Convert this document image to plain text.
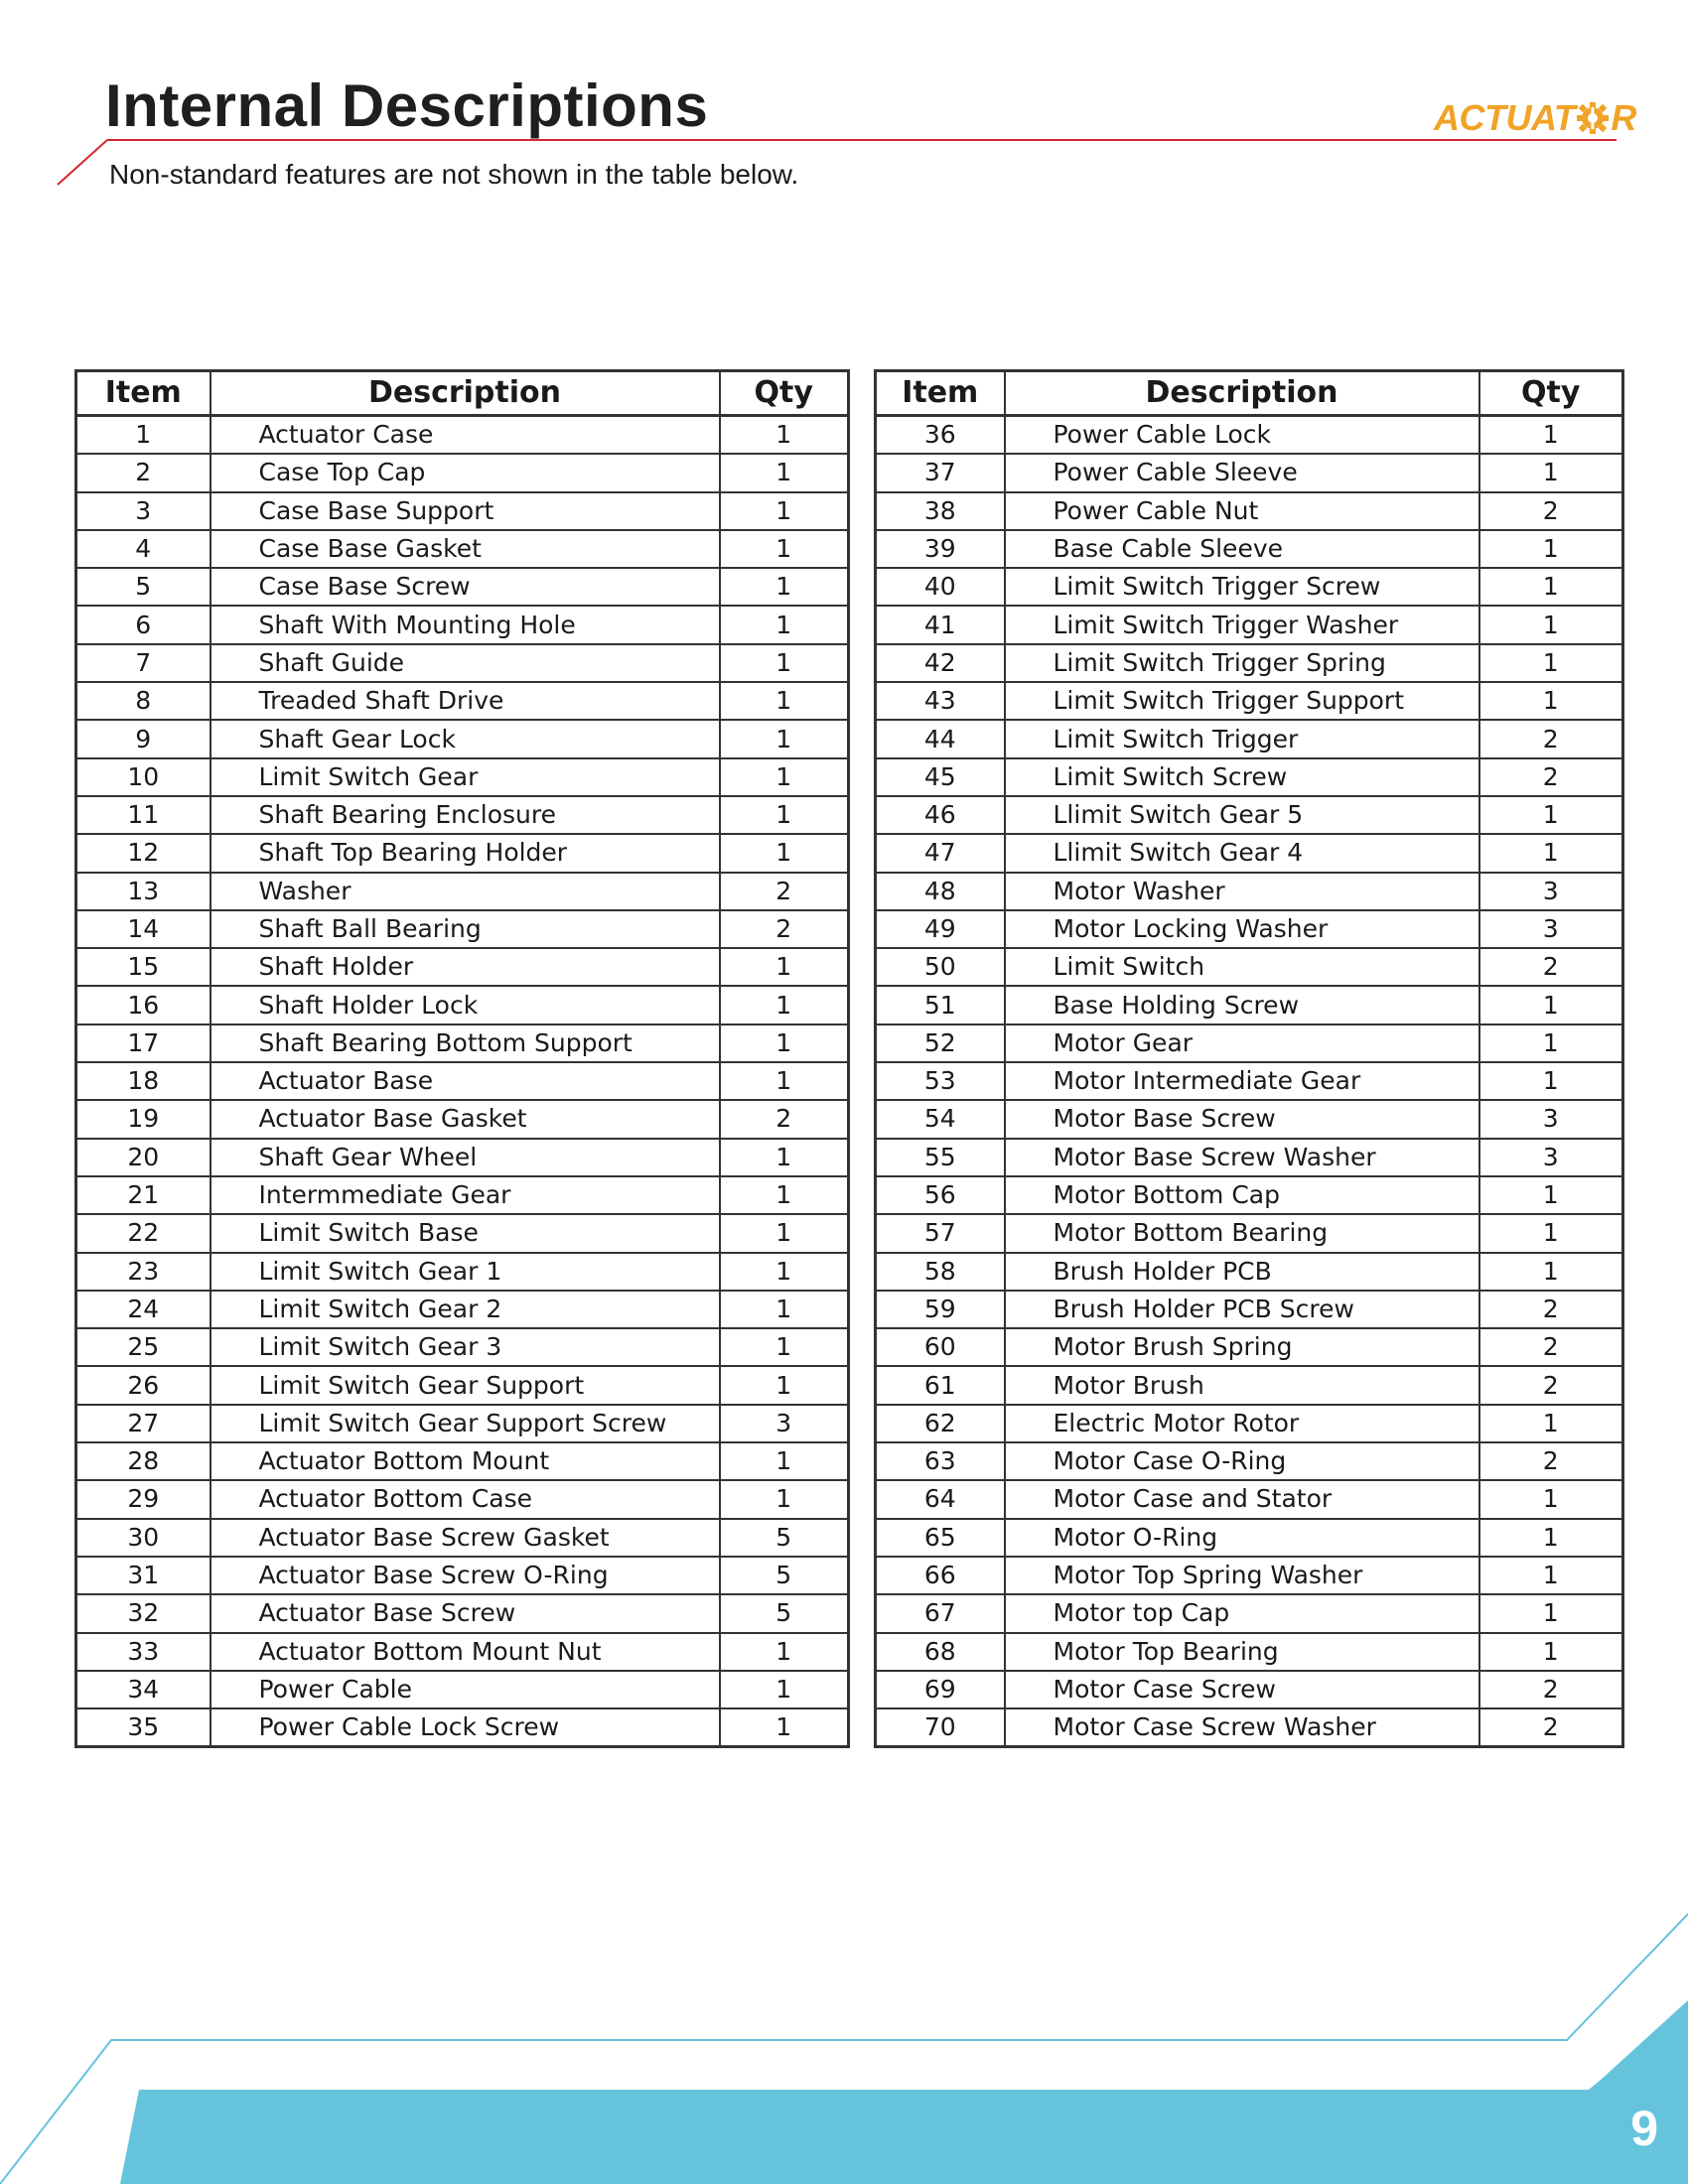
Internal Descriptions

Non-standard features are not shown in the table below.

ACTUAT R
Item	Description	Qty
1	Actuator Case	1
2	Case Top Cap	1
3	Case Base Support	1
4	Case Base Gasket	1
5	Case Base Screw	1
6	Shaft With Mounting Hole	1
7	Shaft Guide	1
8	Treaded Shaft Drive	1
9	Shaft Gear Lock	1
10	Limit Switch Gear	1
11	Shaft Bearing Enclosure	1
12	Shaft Top Bearing Holder	1
13	Washer	2
14	Shaft Ball Bearing	2
15	Shaft Holder	1
16	Shaft Holder Lock	1
17	Shaft Bearing Bottom Support	1
18	Actuator Base	1
19	Actuator Base Gasket	2
20	Shaft Gear Wheel	1
21	Intermmediate Gear	1
22	Limit Switch Base	1
23	Limit Switch Gear 1	1
24	Limit Switch Gear 2	1
25	Limit Switch Gear 3	1
26	Limit Switch Gear Support	1
27	Limit Switch Gear Support Screw	3
28	Actuator Bottom Mount	1
29	Actuator Bottom Case	1
30	Actuator Base Screw Gasket	5
31	Actuator Base Screw O-Ring	5
32	Actuator Base Screw	5
33	Actuator Bottom Mount Nut	1
34	Power Cable	1
35	Power Cable Lock Screw	1
Item	Description	Qty
36	Power Cable Lock	1
37	Power Cable Sleeve	1
38	Power Cable Nut	2
39	Base Cable Sleeve	1
40	Limit Switch Trigger Screw	1
41	Limit Switch Trigger Washer	1
42	Limit Switch Trigger Spring	1
43	Limit Switch Trigger Support	1
44	Limit Switch Trigger	2
45	Limit Switch Screw	2
46	Llimit Switch Gear 5	1
47	Llimit Switch Gear 4	1
48	Motor Washer	3
49	Motor Locking Washer	3
50	Limit Switch	2
51	Base Holding Screw	1
52	Motor Gear	1
53	Motor Intermediate Gear	1
54	Motor Base Screw	3
55	Motor Base Screw Washer	3
56	Motor Bottom Cap	1
57	Motor Bottom Bearing	1
58	Brush Holder PCB	1
59	Brush Holder PCB Screw	2
60	Motor Brush Spring	2
61	Motor Brush	2
62	Electric Motor Rotor	1
63	Motor Case O-Ring	2
64	Motor Case and Stator	1
65	Motor O-Ring	1
66	Motor Top Spring Washer	1
67	Motor top Cap	1
68	Motor Top Bearing	1
69	Motor Case Screw	2
70	Motor Case Screw Washer	2
9
